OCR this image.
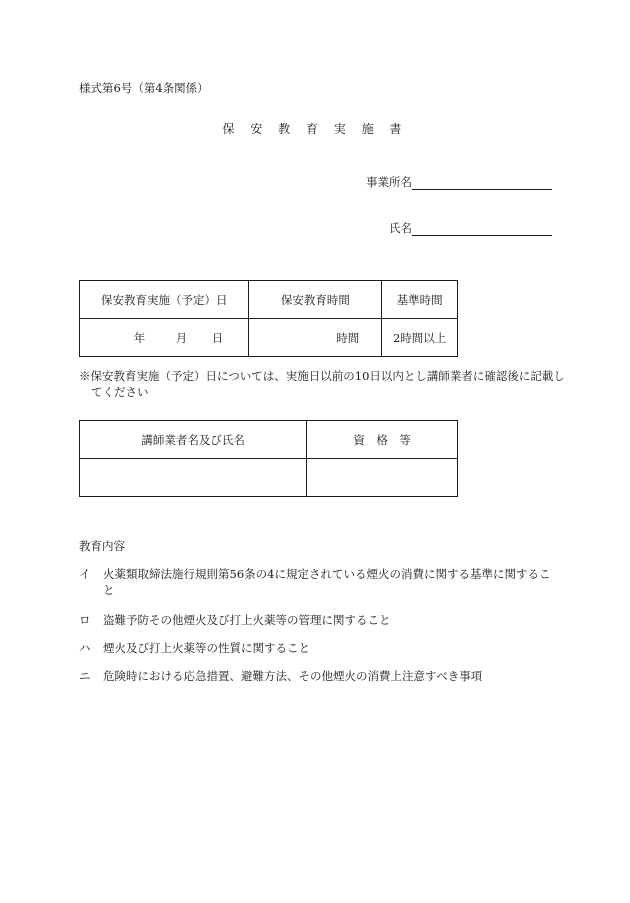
様式第6号（第4条関係）
保 安 教 育 実 施 書
事業所名
氏名
保安教育実施（予定）日	保安教育時間	基準時間
年 月 日	時間	2時間以上
※保安教育実施（予定）日については、実施日以前の10日以内とし講師業者に確認後に記載し
てください
講師業者名及び氏名	資　格　等

教育内容
イ	火薬類取締法施行規則第56条の4に規定されている煙火の消費に関する基準に関するこ
と
ロ	盗難予防その他煙火及び打上火薬等の管理に関すること
ハ	煙火及び打上火薬等の性質に関すること
ニ	危険時における応急措置、避難方法、その他煙火の消費上注意すべき事項
